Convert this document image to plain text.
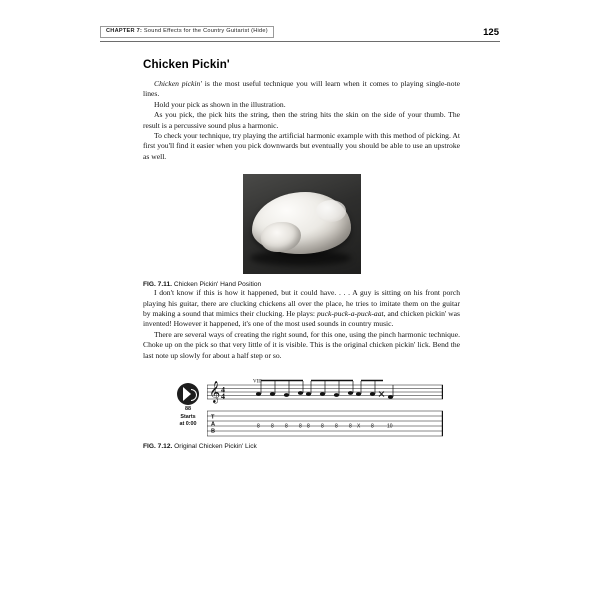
CHAPTER 7: Sound Effects for the Country Guitarist (Hide)	125
Chicken Pickin'

Chicken pickin' is the most useful technique you will learn when it comes to playing single-note lines.

Hold your pick as shown in the illustration.

As you pick, the pick hits the string, then the string hits the skin on the side of your thumb. The result is a percussive sound plus a harmonic.

To check your technique, try playing the artificial harmonic example with this method of picking. At first you'll find it easier when you pick downwards but eventually you should be able to use an upstroke as well.

FIG. 7.11. Chicken Pickin' Hand Position

I don't know if this is how it happened, but it could have. . . . A guy is sitting on his front porch playing his guitar, there are clucking chickens all over the place, he tries to imitate them on the guitar by making a sound that mimics their clucking. He plays: puck-puck-a-puck-aat, and chicken pickin' was invented! However it happened, it's one of the most used sounds in country music.

There are several ways of creating the right sound, for this one, using the pinch harmonic technique. Choke up on the pick so that very little of it is visible. This is the original chicken pickin' lick. Bend the last note up slowly for about a half step or so.

88
Starts
at 0:00
𝄞 4
4
VIII
T
A
B
8 8 8 8 8 8 8 8 X 8	10
FIG. 7.12. Original Chicken Pickin' Lick
